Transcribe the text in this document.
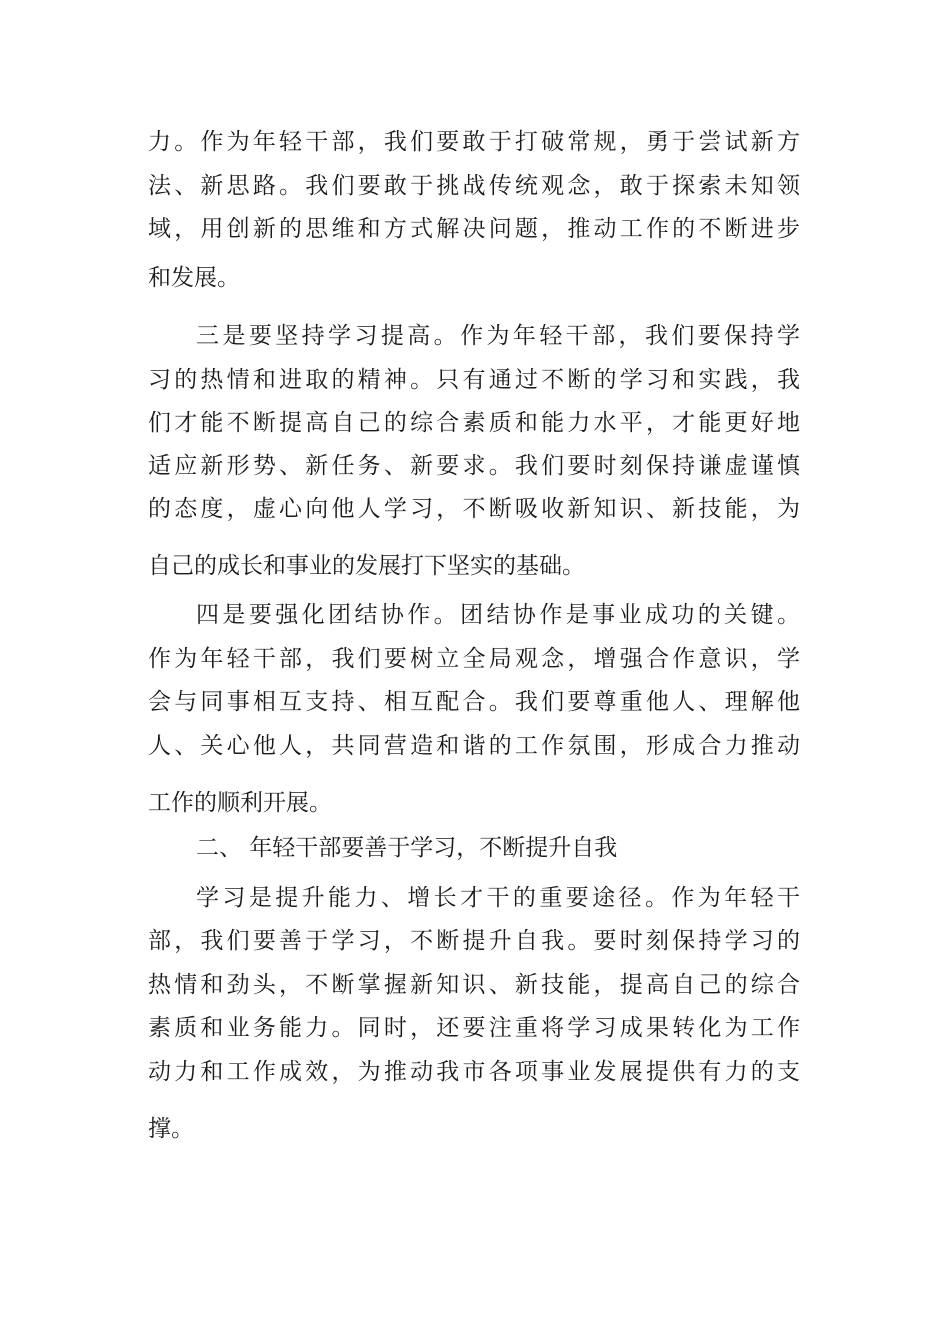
力。作为年轻干部，我们要敢于打破常规，勇于尝试新方
法、新思路。我们要敢于挑战传统观念，敢于探索未知领
域，用创新的思维和方式解决问题，推动工作的不断进步
和发展。
三是要坚持学习提高。作为年轻干部，我们要保持学
习的热情和进取的精神。只有通过不断的学习和实践，我
们才能不断提高自己的综合素质和能力水平，才能更好地
适应新形势、新任务、新要求。我们要时刻保持谦虚谨慎
的态度，虚心向他人学习，不断吸收新知识、新技能，为
自己的成长和事业的发展打下坚实的基础。
四是要强化团结协作。团结协作是事业成功的关键。
作为年轻干部，我们要树立全局观念，增强合作意识，学
会与同事相互支持、相互配合。我们要尊重他人、理解他
人、关心他人，共同营造和谐的工作氛围，形成合力推动
工作的顺利开展。
二、 年轻干部要善于学习，不断提升自我
学习是提升能力、增长才干的重要途径。作为年轻干
部，我们要善于学习，不断提升自我。要时刻保持学习的
热情和劲头，不断掌握新知识、新技能，提高自己的综合
素质和业务能力。同时，还要注重将学习成果转化为工作
动力和工作成效，为推动我市各项事业发展提供有力的支
撑。
